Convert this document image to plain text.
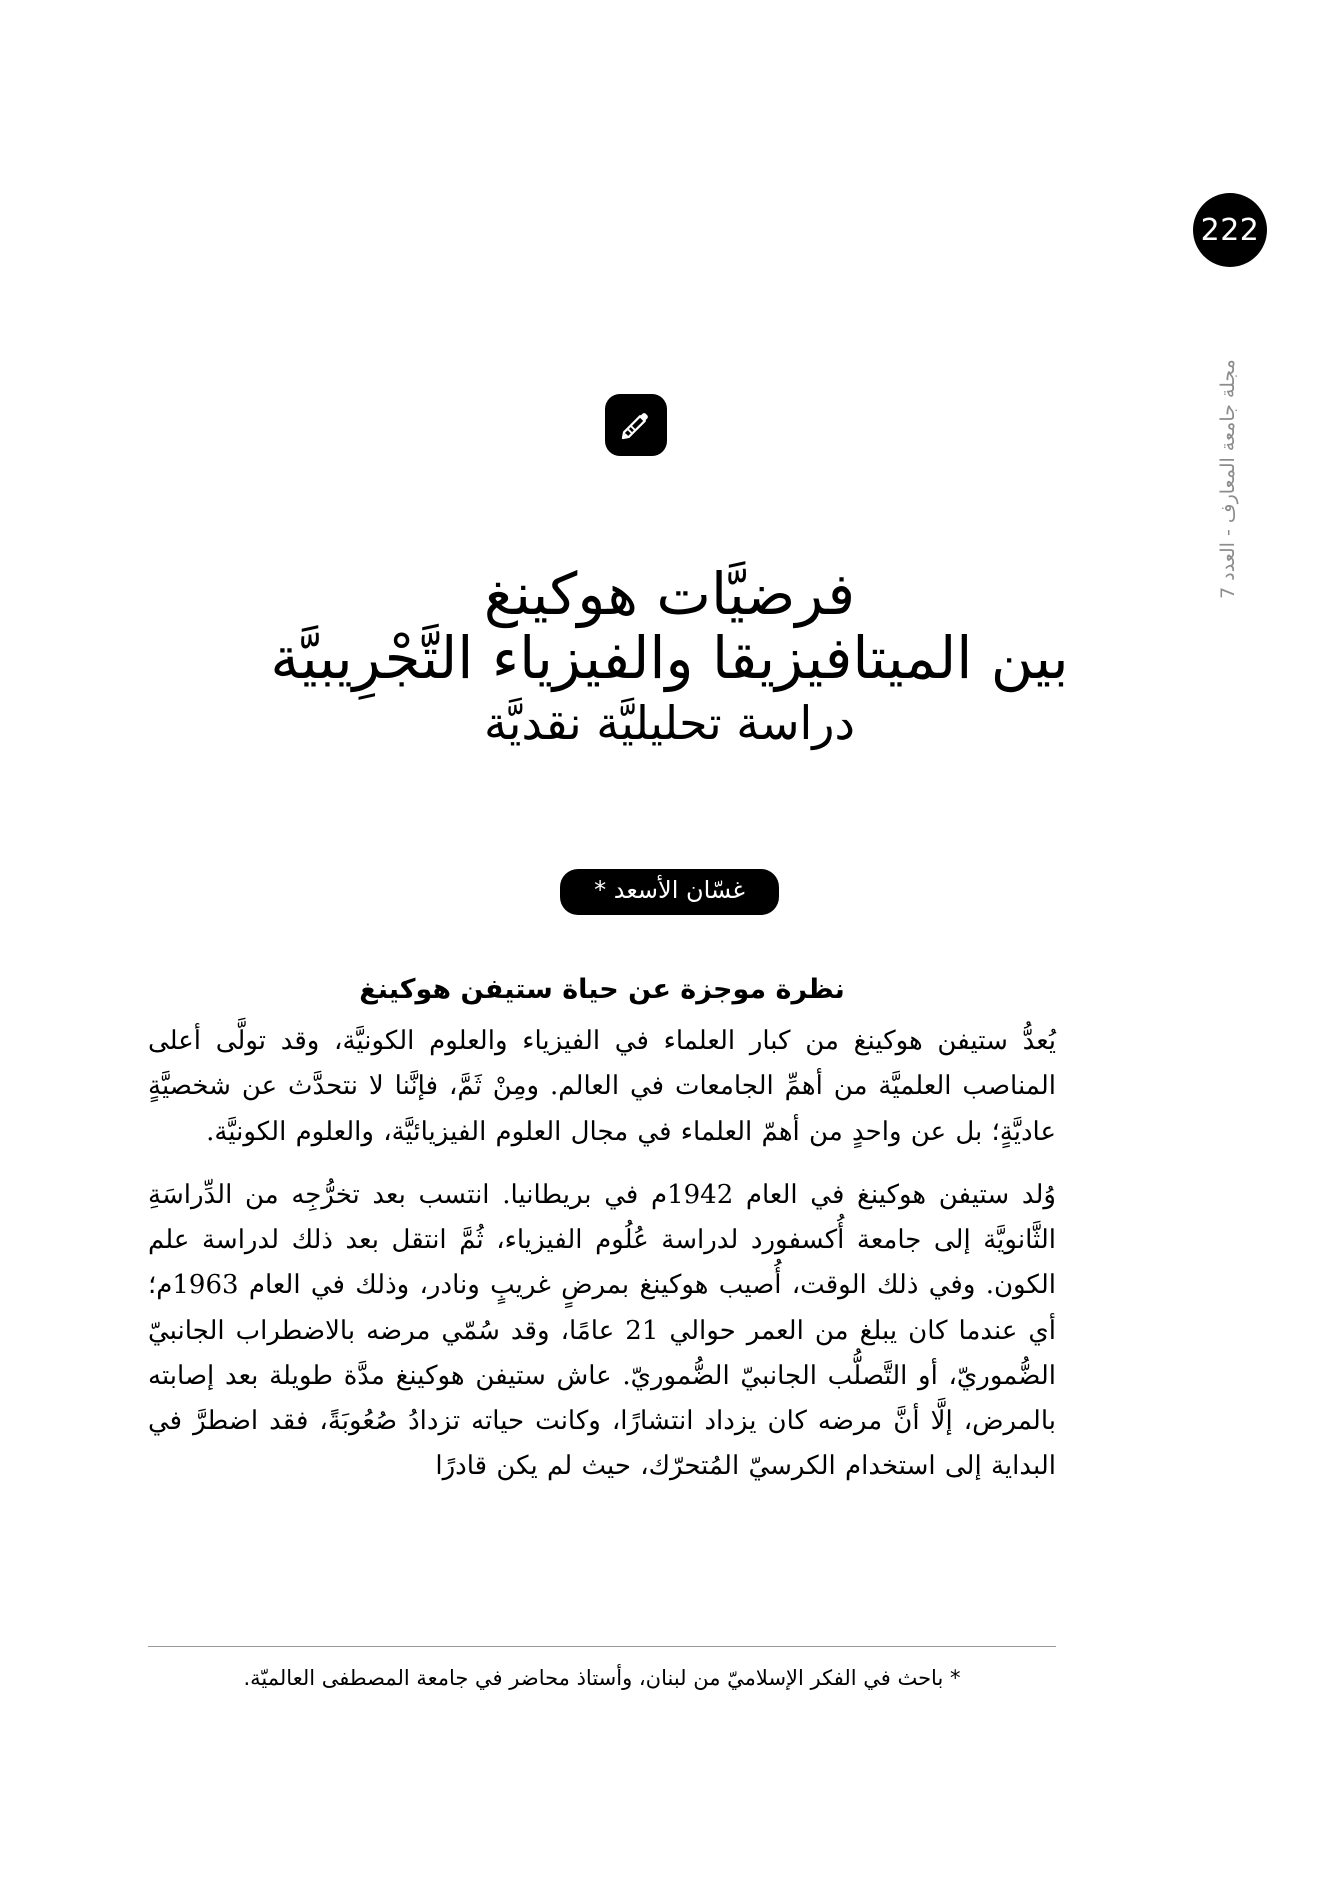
222
مجلة جامعة المعارف - العدد 7
فرضيَّات هوكينغ
بين الميتافيزيقا والفيزياء التَّجْرِيبيَّة
دراسة تحليليَّة نقديَّة
غسّان الأسعد *
نظرة موجزة عن حياة ستيفن هوكينغ

يُعدُّ ستيفن هوكينغ من كبار العلماء في الفيزياء والعلوم الكونيَّة، وقد تولَّى أعلى المناصب العلميَّة من أهمِّ الجامعات في العالم. ومِنْ ثَمَّ، فإنَّنا لا نتحدَّث عن شخصيَّةٍ عاديَّةٍ؛ بل عن واحدٍ من أهمّ العلماء في مجال العلوم الفيزيائيَّة، والعلوم الكونيَّة.

وُلد ستيفن هوكينغ في العام 1942م في بريطانيا. انتسب بعد تخرُّجِه من الدِّراسَةِ الثَّانويَّة إلى جامعة أُكسفورد لدراسة عُلُوم الفيزياء، ثُمَّ انتقل بعد ذلك لدراسة علم الكون. وفي ذلك الوقت، أُصيب هوكينغ بمرضٍ غريبٍ ونادر، وذلك في العام 1963م؛ أي عندما كان يبلغ من العمر حوالي 21 عامًا، وقد سُمّي مرضه بالاضطراب الجانبيّ الضُّموريّ، أو التَّصلُّب الجانبيّ الضُّموريّ. عاش ستيفن هوكينغ مدَّة طويلة بعد إصابته بالمرض، إلَّا أنَّ مرضه كان يزداد انتشارًا، وكانت حياته تزدادُ صُعُوبَةً، فقد اضطرَّ في البداية إلى استخدام الكرسيّ المُتحرّك، حيث لم يكن قادرًا

* باحث في الفكر الإسلاميّ من لبنان، وأستاذ محاضر في جامعة المصطفى العالميّة.
